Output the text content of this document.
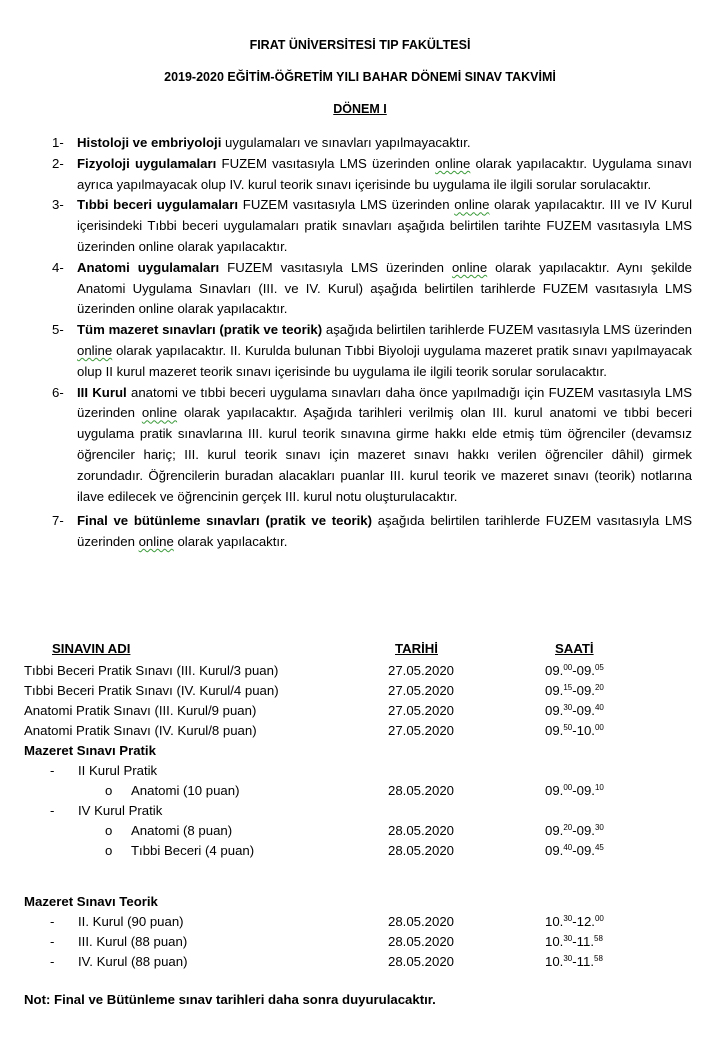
FIRAT ÜNİVERSİTESİ TIP FAKÜLTESİ
2019-2020 EĞİTİM-ÖĞRETİM YILI BAHAR DÖNEMİ SINAV TAKVİMİ
DÖNEM I
1- Histoloji ve embriyoloji uygulamaları ve sınavları yapılmayacaktır.
2- Fizyoloji uygulamaları FUZEM vasıtasıyla LMS üzerinden online olarak yapılacaktır. Uygulama sınavı ayrıca yapılmayacak olup IV. kurul teorik sınavı içerisinde bu uygulama ile ilgili sorular sorulacaktır.
3- Tıbbi beceri uygulamaları FUZEM vasıtasıyla LMS üzerinden online olarak yapılacaktır. III ve IV Kurul içerisindeki Tıbbi beceri uygulamaları pratik sınavları aşağıda belirtilen tarihte FUZEM vasıtasıyla LMS üzerinden online olarak yapılacaktır.
4- Anatomi uygulamaları FUZEM vasıtasıyla LMS üzerinden online olarak yapılacaktır. Aynı şekilde Anatomi Uygulama Sınavları (III. ve IV. Kurul) aşağıda belirtilen tarihlerde FUZEM vasıtasıyla LMS üzerinden online olarak yapılacaktır.
5- Tüm mazeret sınavları (pratik ve teorik) aşağıda belirtilen tarihlerde FUZEM vasıtasıyla LMS üzerinden online olarak yapılacaktır. II. Kurulda bulunan Tıbbi Biyoloji uygulama mazeret pratik sınavı yapılmayacak olup II kurul mazeret teorik sınavı içerisinde bu uygulama ile ilgili teorik sorular sorulacaktır.
6- III Kurul anatomi ve tıbbi beceri uygulama sınavları daha önce yapılmadığı için FUZEM vasıtasıyla LMS üzerinden online olarak yapılacaktır. Aşağıda tarihleri verilmiş olan III. kurul anatomi ve tıbbi beceri uygulama pratik sınavlarına III. kurul teorik sınavına girme hakkı elde etmiş tüm öğrenciler (devamsız öğrenciler hariç; III. kurul teorik sınavı için mazeret sınavı hakkı verilen öğrenciler dâhil) girmek zorundadır. Öğrencilerin buradan alacakları puanlar III. kurul teorik ve mazeret sınavı (teorik) notlarına ilave edilecek ve öğrencinin gerçek III. kurul notu oluşturulacaktır.
7- Final ve bütünleme sınavları (pratik ve teorik) aşağıda belirtilen tarihlerde FUZEM vasıtasıyla LMS üzerinden online olarak yapılacaktır.
SINAVIN ADI	TARİHİ	SAATİ
Tıbbi Beceri Pratik Sınavı (III. Kurul/3 puan)	27.05.2020	09.00-09.05
Tıbbi Beceri Pratik Sınavı (IV. Kurul/4 puan)	27.05.2020	09.15-09.20
Anatomi Pratik Sınavı (III. Kurul/9 puan)	27.05.2020	09.30-09.40
Anatomi Pratik Sınavı (IV. Kurul/8 puan)	27.05.2020	09.50-10.00
Mazeret Sınavı Pratik
- II Kurul Pratik
o Anatomi (10 puan)	28.05.2020	09.00-09.10
- IV Kurul Pratik
o Anatomi (8 puan)	28.05.2020	09.20-09.30
o Tıbbi Beceri (4 puan)	28.05.2020	09.40-09.45
Mazeret Sınavı Teorik
- II. Kurul (90 puan)	28.05.2020	10.30-12.00
- III. Kurul (88 puan)	28.05.2020	10.30-11.58
- IV. Kurul (88 puan)	28.05.2020	10.30-11.58
Not: Final ve Bütünleme sınav tarihleri daha sonra duyurulacaktır.
